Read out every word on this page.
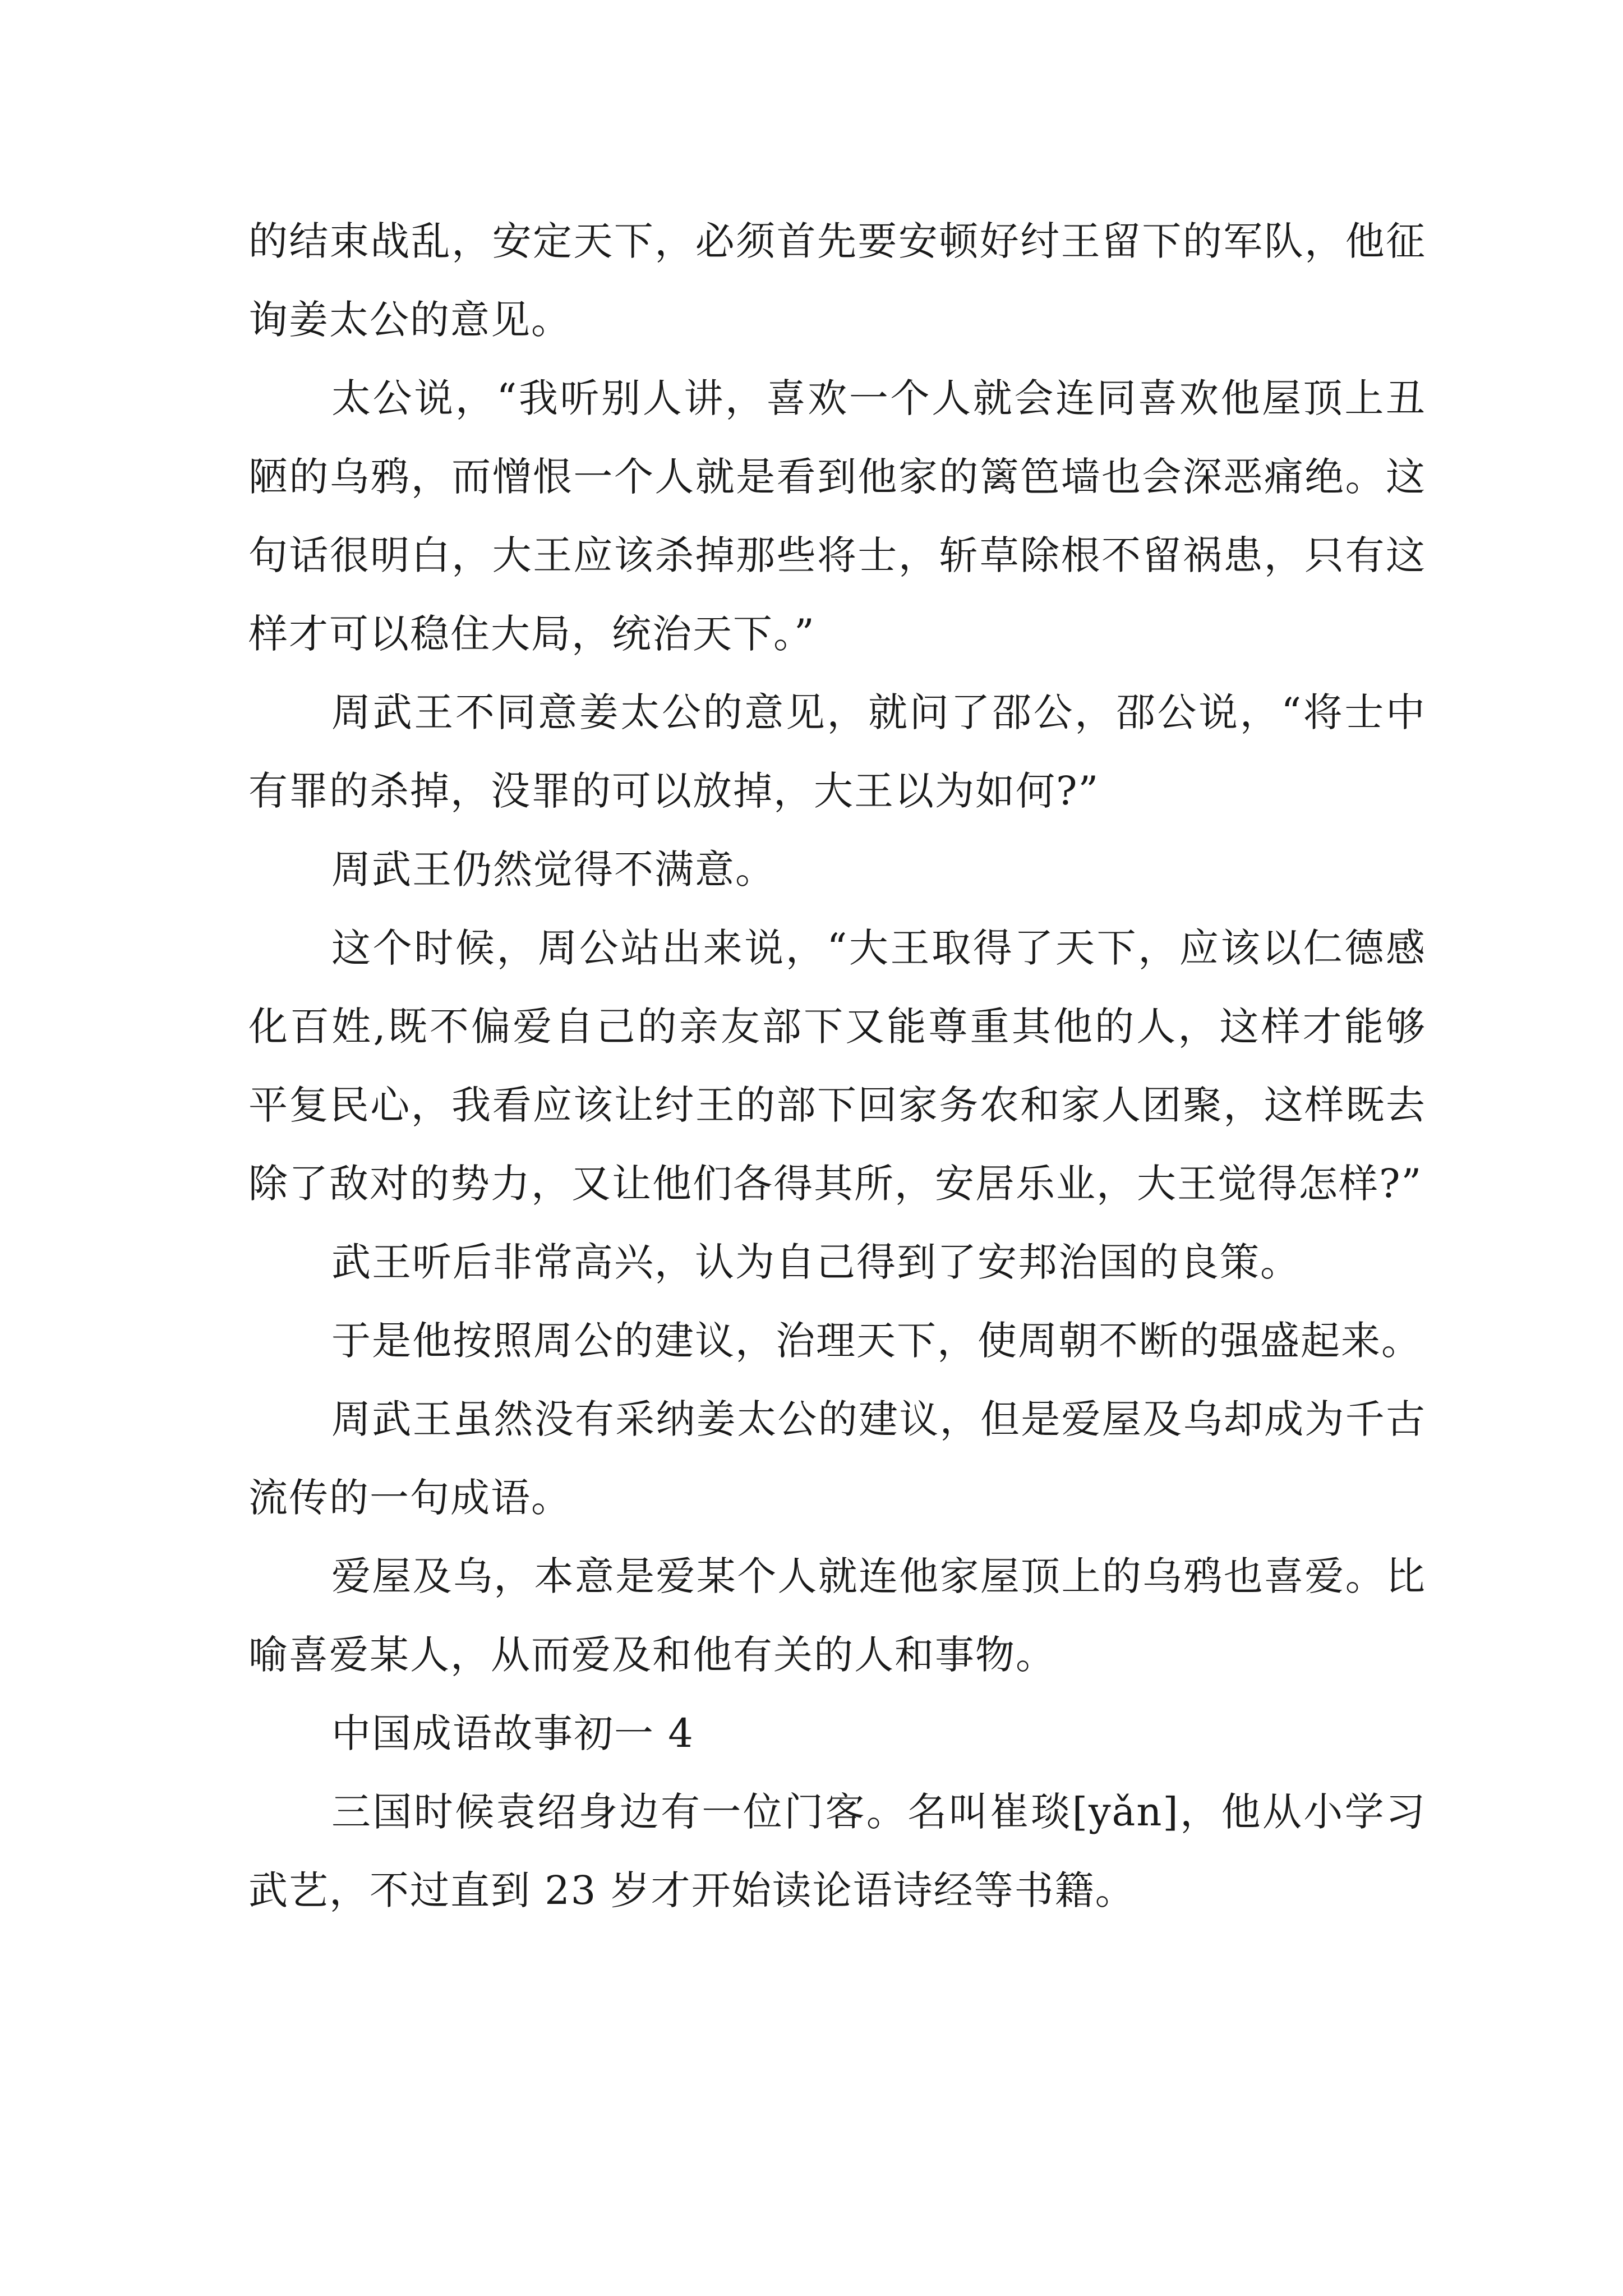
的结束战乱，安定天下，必须首先要安顿好纣王留下的军队，他征询姜太公的意见。

太公说，“我听别人讲，喜欢一个人就会连同喜欢他屋顶上丑陋的乌鸦，而憎恨一个人就是看到他家的篱笆墙也会深恶痛绝。这句话很明白，大王应该杀掉那些将士，斩草除根不留祸患，只有这样才可以稳住大局，统治天下。”

周武王不同意姜太公的意见，就问了邵公，邵公说，“将士中有罪的杀掉，没罪的可以放掉，大王以为如何?”

周武王仍然觉得不满意。

这个时候，周公站出来说，“大王取得了天下，应该以仁德感化百姓,既不偏爱自己的亲友部下又能尊重其他的人，这样才能够平复民心，我看应该让纣王的部下回家务农和家人团聚，这样既去除了敌对的势力，又让他们各得其所，安居乐业，大王觉得怎样?”

武王听后非常高兴，认为自己得到了安邦治国的良策。

于是他按照周公的建议，治理天下，使周朝不断的强盛起来。

周武王虽然没有采纳姜太公的建议，但是爱屋及乌却成为千古流传的一句成语。

爱屋及乌，本意是爱某个人就连他家屋顶上的乌鸦也喜爱。比喻喜爱某人，从而爱及和他有关的人和事物。

中国成语故事初一 4

三国时候袁绍身边有一位门客。名叫崔琰[yǎn]，他从小学习武艺，不过直到 23 岁才开始读论语诗经等书籍。
